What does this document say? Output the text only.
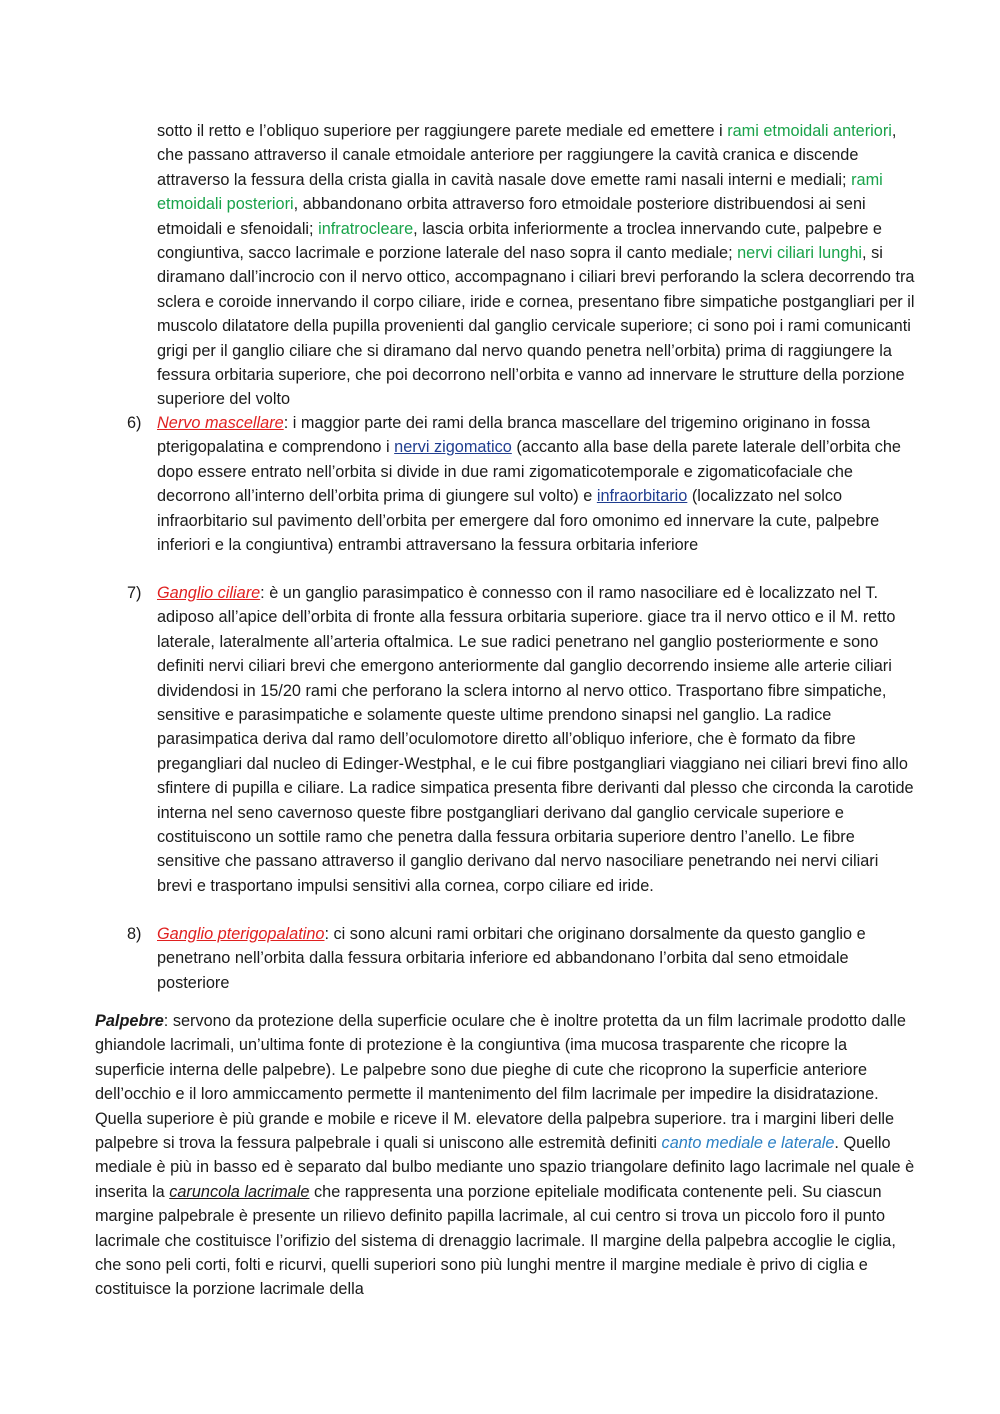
sotto il retto e l’obliquo superiore per raggiungere parete mediale ed emettere i rami etmoidali anteriori, che passano attraverso il canale etmoidale anteriore per raggiungere la cavità cranica e discende attraverso la fessura della crista gialla in cavità nasale dove emette rami nasali interni e mediali; rami etmoidali posteriori, abbandonano orbita attraverso foro etmoidale posteriore distribuendosi ai seni etmoidali e sfenoidali; infratrocleare, lascia orbita inferiormente a troclea innervando cute, palpebre e congiuntiva, sacco lacrimale e porzione laterale del naso sopra il canto mediale; nervi ciliari lunghi, si diramano dall’incrocio con il nervo ottico, accompagnano i ciliari brevi perforando la sclera decorrendo tra sclera e coroide innervando il corpo ciliare, iride e cornea, presentano fibre simpatiche postgangliari per il muscolo dilatatore della pupilla provenienti dal ganglio cervicale superiore; ci sono poi i rami comunicanti grigi per il ganglio ciliare che si diramano dal nervo quando penetra nell’orbita) prima di raggiungere la fessura orbitaria superiore, che poi decorrono nell’orbita e vanno ad innervare le strutture della porzione superiore del volto

6) Nervo mascellare: i maggior parte dei rami della branca mascellare del trigemino originano in fossa pterigopalatina e comprendono i nervi zigomatico (accanto alla base della parete laterale dell’orbita che dopo essere entrato nell’orbita si divide in due rami zigomaticotemporale e zigomaticofaciale che decorrono all’interno dell’orbita prima di giungere sul volto) e infraorbitario (localizzato nel solco infraorbitario sul pavimento dell’orbita per emergere dal foro omonimo ed innervare la cute, palpebre inferiori e la congiuntiva) entrambi attraversano la fessura orbitaria inferiore

7) Ganglio ciliare: è un ganglio parasimpatico è connesso con il ramo nasociliare ed è localizzato nel T. adiposo all’apice dell’orbita di fronte alla fessura orbitaria superiore. giace tra il nervo ottico e il M. retto laterale, lateralmente all’arteria oftalmica. Le sue radici penetrano nel ganglio posteriormente e sono definiti nervi ciliari brevi che emergono anteriormente dal ganglio decorrendo insieme alle arterie ciliari dividendosi in 15/20 rami che perforano la sclera intorno al nervo ottico. Trasportano fibre simpatiche, sensitive e parasimpatiche e solamente queste ultime prendono sinapsi nel ganglio. La radice parasimpatica deriva dal ramo dell’oculomotore diretto all’obliquo inferiore, che è formato da fibre pregangliari dal nucleo di Edinger-Westphal, e le cui fibre postgangliari viaggiano nei ciliari brevi fino allo sfintere di pupilla e ciliare. La radice simpatica presenta fibre derivanti dal plesso che circonda la carotide interna nel seno cavernoso queste fibre postgangliari derivano dal ganglio cervicale superiore e costituiscono un sottile ramo che penetra dalla fessura orbitaria superiore dentro l’anello. Le fibre sensitive che passano attraverso il ganglio derivano dal nervo nasociliare penetrando nei nervi ciliari brevi e trasportano impulsi sensitivi alla cornea, corpo ciliare ed iride.

8) Ganglio pterigopalatino: ci sono alcuni rami orbitari che originano dorsalmente da questo ganglio e penetrano nell’orbita dalla fessura orbitaria inferiore ed abbandonano l’orbita dal seno etmoidale posteriore

Palpebre: servono da protezione della superficie oculare che è inoltre protetta da un film lacrimale prodotto dalle ghiandole lacrimali, un’ultima fonte di protezione è la congiuntiva (ima mucosa trasparente che ricopre la superficie interna delle palpebre). Le palpebre sono due pieghe di cute che ricoprono la superficie anteriore dell’occhio e il loro ammiccamento permette il mantenimento del film lacrimale per impedire la disidratazione. Quella superiore è più grande e mobile e riceve il M. elevatore della palpebra superiore. tra i margini liberi delle palpebre si trova la fessura palpebrale i quali si uniscono alle estremità definiti canto mediale e laterale. Quello mediale è più in basso ed è separato dal bulbo mediante uno spazio triangolare definito lago lacrimale nel quale è inserita la caruncola lacrimale che rappresenta una porzione epiteliale modificata contenente peli. Su ciascun margine palpebrale è presente un rilievo definito papilla lacrimale, al cui centro si trova un piccolo foro il punto lacrimale che costituisce l’orifizio del sistema di drenaggio lacrimale. Il margine della palpebra accoglie le ciglia, che sono peli corti, folti e ricurvi, quelli superiori sono più lunghi mentre il margine mediale è privo di ciglia e costituisce la porzione lacrimale della
